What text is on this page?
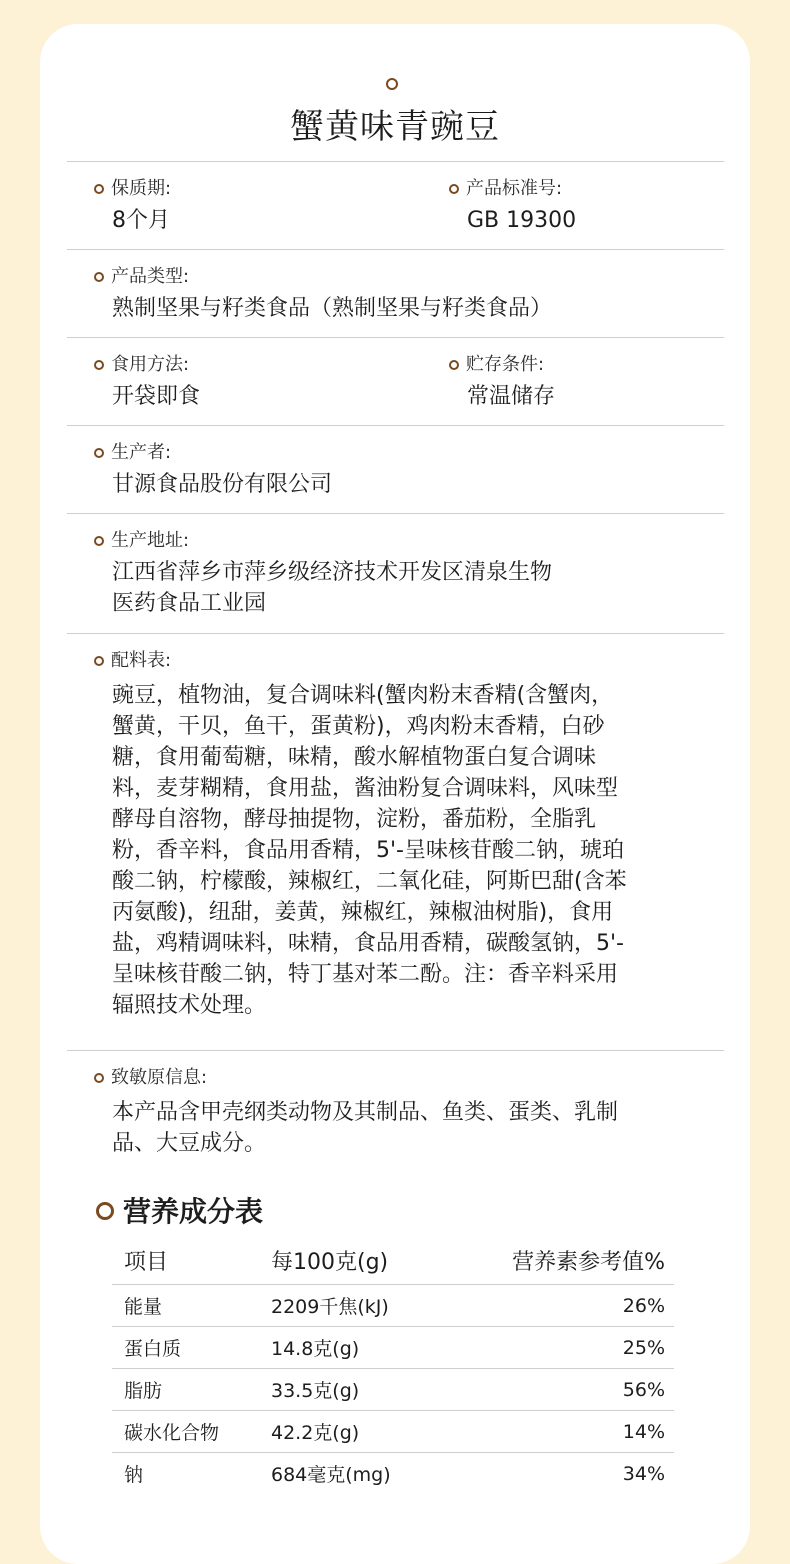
蟹黄味青豌豆
保质期:
8个月
产品标准号:
GB 19300
产品类型:
熟制坚果与籽类食品（熟制坚果与籽类食品）
食用方法:
开袋即食
贮存条件:
常温储存
生产者:
甘源食品股份有限公司
生产地址:
江西省萍乡市萍乡级经济技术开发区清泉生物
医药食品工业园
配料表:
豌豆，植物油，复合调味料(蟹肉粉末香精(含蟹肉，
蟹黄，干贝，鱼干，蛋黄粉)，鸡肉粉末香精，白砂
糖，食用葡萄糖，味精，酸水解植物蛋白复合调味
料，麦芽糊精，食用盐，酱油粉复合调味料，风味型
酵母自溶物，酵母抽提物，淀粉，番茄粉，全脂乳
粉，香辛料，食品用香精，5'-呈味核苷酸二钠，琥珀
酸二钠，柠檬酸，辣椒红，二氧化硅，阿斯巴甜(含苯
丙氨酸)，纽甜，姜黄，辣椒红，辣椒油树脂)，食用
盐，鸡精调味料，味精，食品用香精，碳酸氢钠，5'-
呈味核苷酸二钠，特丁基对苯二酚。注：香辛料采用
辐照技术处理。
致敏原信息:
本产品含甲壳纲类动物及其制品、鱼类、蛋类、乳制
品、大豆成分。
营养成分表
项目	每100克(g)	营养素参考值%
能量	2209千焦(kJ)	26%
蛋白质	14.8克(g)	25%
脂肪	33.5克(g)	56%
碳水化合物	42.2克(g)	14%
钠	684毫克(mg)	34%
